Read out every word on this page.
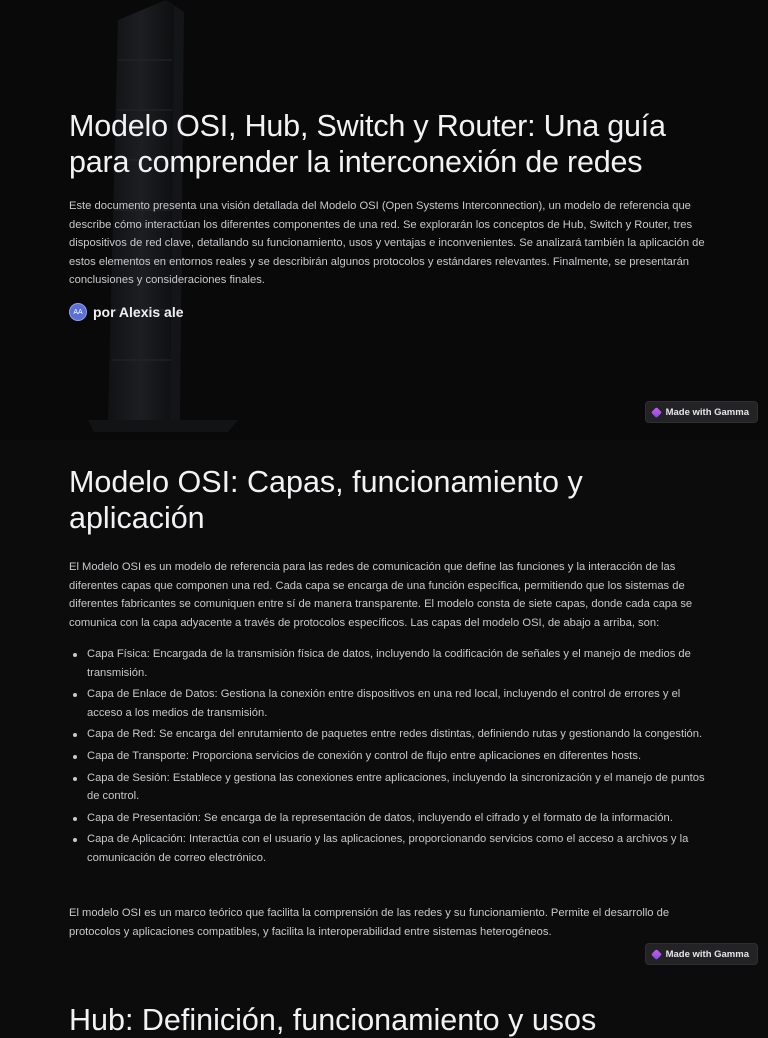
Modelo OSI, Hub, Switch y Router: Una guía para comprender la interconexión de redes

Este documento presenta una visión detallada del Modelo OSI (Open Systems Interconnection), un modelo de referencia que describe cómo interactúan los diferentes componentes de una red. Se explorarán los conceptos de Hub, Switch y Router, tres dispositivos de red clave, detallando su funcionamiento, usos y ventajas e inconvenientes. Se analizará también la aplicación de estos elementos en entornos reales y se describirán algunos protocolos y estándares relevantes. Finalmente, se presentarán conclusiones y consideraciones finales.

AA por Alexis ale
Made with Gamma
Modelo OSI: Capas, funcionamiento y aplicación

El Modelo OSI es un modelo de referencia para las redes de comunicación que define las funciones y la interacción de las diferentes capas que componen una red. Cada capa se encarga de una función específica, permitiendo que los sistemas de diferentes fabricantes se comuniquen entre sí de manera transparente. El modelo consta de siete capas, donde cada capa se comunica con la capa adyacente a través de protocolos específicos. Las capas del modelo OSI, de abajo a arriba, son:

Capa Física: Encargada de la transmisión física de datos, incluyendo la codificación de señales y el manejo de medios de transmisión.
Capa de Enlace de Datos: Gestiona la conexión entre dispositivos en una red local, incluyendo el control de errores y el acceso a los medios de transmisión.
Capa de Red: Se encarga del enrutamiento de paquetes entre redes distintas, definiendo rutas y gestionando la congestión.
Capa de Transporte: Proporciona servicios de conexión y control de flujo entre aplicaciones en diferentes hosts.
Capa de Sesión: Establece y gestiona las conexiones entre aplicaciones, incluyendo la sincronización y el manejo de puntos de control.
Capa de Presentación: Se encarga de la representación de datos, incluyendo el cifrado y el formato de la información.
Capa de Aplicación: Interactúa con el usuario y las aplicaciones, proporcionando servicios como el acceso a archivos y la comunicación de correo electrónico.

El modelo OSI es un marco teórico que facilita la comprensión de las redes y su funcionamiento. Permite el desarrollo de protocolos y aplicaciones compatibles, y facilita la interoperabilidad entre sistemas heterogéneos.

Made with Gamma
Hub: Definición, funcionamiento y usos
